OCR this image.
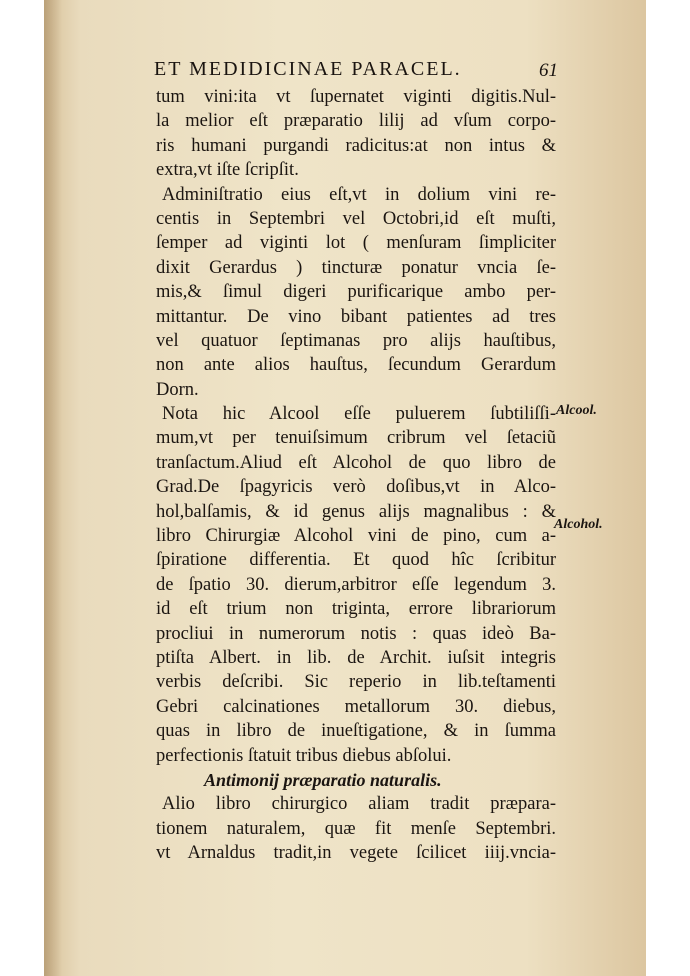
ET MEDIDICINAE PARACEL.	61
tum vini:ita vt ſupernatet viginti digitis.Nul-
la melior eſt præparatio lilij ad vſum corpo-
ris humani purgandi radicitus:at non intus &
extra,vt iſte ſcripſit.
Adminiſtratio eius eſt,vt in dolium vini re-
centis in Septembri vel Octobri,id eſt muſti,
ſemper ad viginti lot ( menſuram ſimpliciter
dixit Gerardus ) tincturæ ponatur vncia ſe-
mis,& ſimul digeri purificarique ambo per-
mittantur. De vino bibant patientes ad tres
vel quatuor ſeptimanas pro alijs hauſtibus,
non ante alios hauſtus, ſecundum Gerardum
Dorn.
Nota hic Alcool eſſe puluerem ſubtiliſſi-
mum,vt per tenuiſsimum cribrum vel ſetaciũ
tranſactum.Aliud eſt Alcohol de quo libro de
Grad.De ſpagyricis verò doſibus,vt in Alco-
hol,balſamis, & id genus alijs magnalibus : &
libro Chirurgiæ Alcohol vini de pino, cum a-
ſpiratione differentia. Et quod hîc ſcribitur
de ſpatio 30. dierum,arbitror eſſe legendum 3.
id eſt trium non triginta, errore librariorum
procliui in numerorum notis : quas ideò Ba-
ptiſta Albert. in lib. de Archit. iuſsit integris
verbis deſcribi. Sic reperio in lib.teſtamenti
Gebri calcinationes metallorum 30. diebus,
quas in libro de inueſtigatione, & in ſumma
perfectionis ſtatuit tribus diebus abſolui.
Antimonij præparatio naturalis.
Alio libro chirurgico aliam tradit præpara-
tionem naturalem, quæ fit menſe Septembri.
vt Arnaldus tradit,in vegete ſcilicet iiij.vncia-
Alcool.
Alcohol.
